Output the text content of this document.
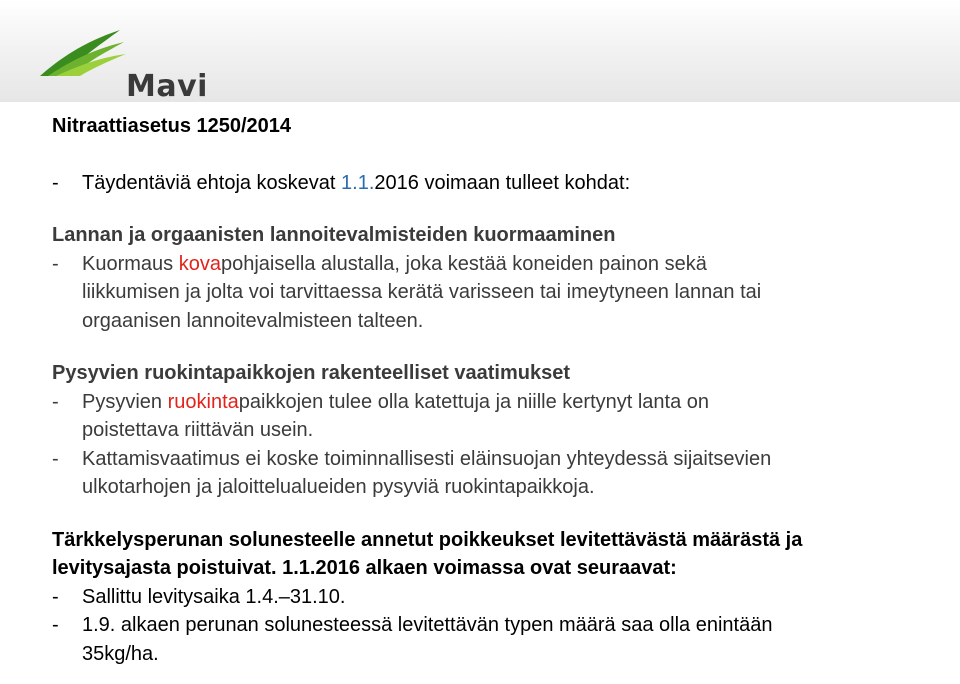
Mavi
Nitraattiasetus 1250/2014
- Täydentäviä ehtoja koskevat 1.1.2016 voimaan tulleet kohdat:
Lannan ja orgaanisten lannoitevalmisteiden kuormaaminen
- Kuormaus kovapohjaisella alustalla, joka kestää koneiden painon sekä
liikkumisen ja jolta voi tarvittaessa kerätä varisseen tai imeytyneen lannan tai
orgaanisen lannoitevalmisteen talteen.
Pysyvien ruokintapaikkojen rakenteelliset vaatimukset
- Pysyvien ruokintapaikkojen tulee olla katettuja ja niille kertynyt lanta on
poistettava riittävän usein.
- Kattamisvaatimus ei koske toiminnallisesti eläinsuojan yhteydessä sijaitsevien
ulkotarhojen ja jaloittelualueiden pysyviä ruokintapaikkoja.
Tärkkelysperunan solunesteelle annetut poikkeukset levitettävästä määrästä ja
levitysajasta poistuivat. 1.1.2016 alkaen voimassa ovat seuraavat:
- Sallittu levitysaika 1.4.–31.10.
- 1.9. alkaen perunan solunesteessä levitettävän typen määrä saa olla enintään
35kg/ha.
